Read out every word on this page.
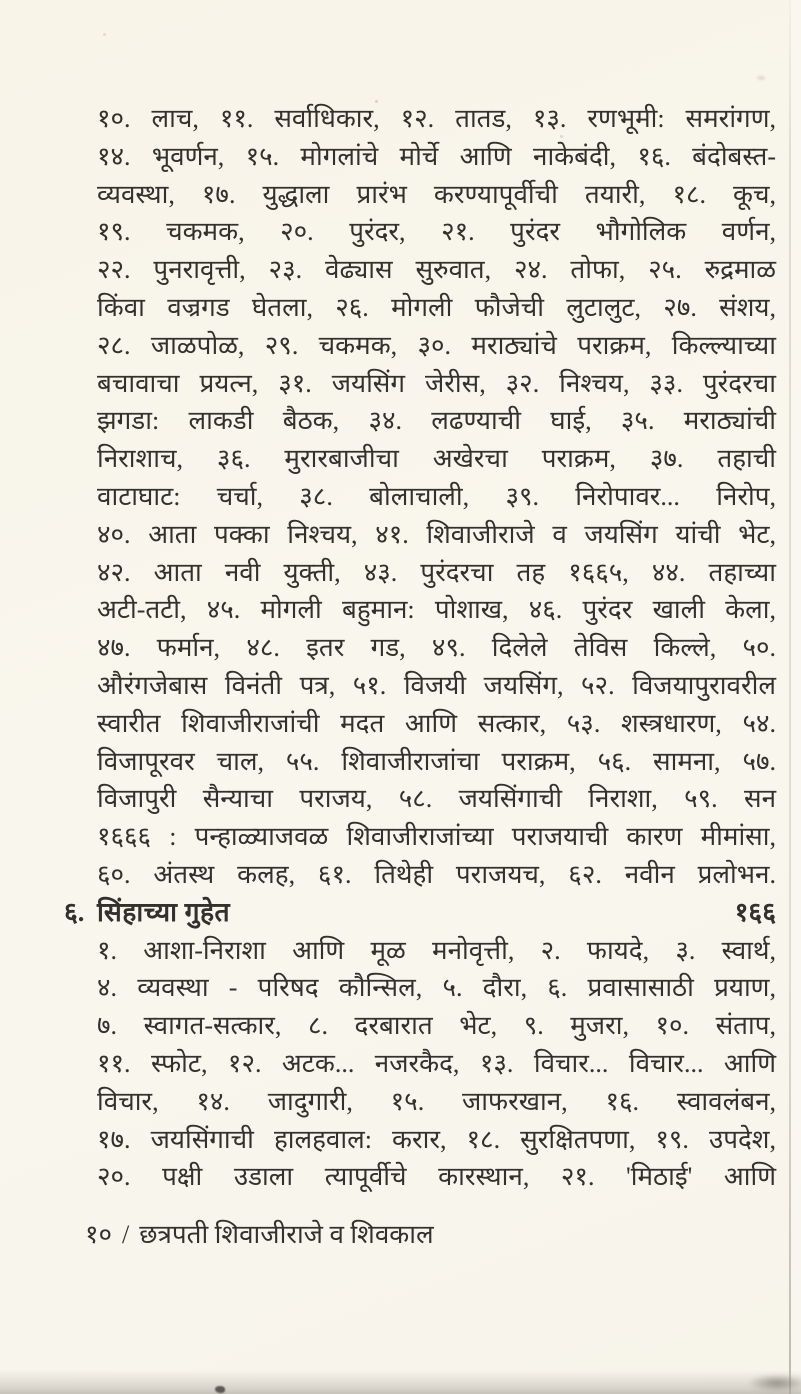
१०. लाच, ११. सर्वाधिकार, १२. तातड, १३. रणभूमी: समरांगण,
१४. भूवर्णन, १५. मोगलांचे मोर्चे आणि नाकेबंदी, १६. बंदोबस्त-
व्यवस्था, १७. युद्धाला प्रारंभ करण्यापूर्वीची तयारी, १८. कूच,
१९. चकमक, २०. पुरंदर, २१. पुरंदर भौगोलिक वर्णन,
२२. पुनरावृत्ती, २३. वेढ्यास सुरुवात, २४. तोफा, २५. रुद्रमाळ
किंवा वज्रगड घेतला, २६. मोगली फौजेची लुटालुट, २७. संशय,
२८. जाळपोळ, २९. चकमक, ३०. मराठ्यांचे पराक्रम, किल्ल्याच्या
बचावाचा प्रयत्न, ३१. जयसिंग जेरीस, ३२. निश्चय, ३३. पुरंदरचा
झगडा: लाकडी बैठक, ३४. लढण्याची घाई, ३५. मराठ्यांची
निराशाच, ३६. मुरारबाजीचा अखेरचा पराक्रम, ३७. तहाची
वाटाघाट: चर्चा, ३८. बोलाचाली, ३९. निरोपावर... निरोप,
४०. आता पक्का निश्चय, ४१. शिवाजीराजे व जयसिंग यांची भेट,
४२. आता नवी युक्ती, ४३. पुरंदरचा तह १६६५, ४४. तहाच्या
अटी-तटी, ४५. मोगली बहुमान: पोशाख, ४६. पुरंदर खाली केला,
४७. फर्मान, ४८. इतर गड, ४९. दिलेले तेविस किल्ले, ५०.
औरंगजेबास विनंती पत्र, ५१. विजयी जयसिंग, ५२. विजयापुरावरील
स्वारीत शिवाजीराजांची मदत आणि सत्कार, ५३. शस्त्रधारण, ५४.
विजापूरवर चाल, ५५. शिवाजीराजांचा पराक्रम, ५६. सामना, ५७.
विजापुरी सैन्याचा पराजय, ५८. जयसिंगाची निराशा, ५९. सन
१६६६ : पन्हाळ्याजवळ शिवाजीराजांच्या पराजयाची कारण मीमांसा,
६०. अंतस्थ कलह, ६१. तिथेही पराजयच, ६२. नवीन प्रलोभन.
६. सिंहाच्या गुहेत	१६६
१. आशा-निराशा आणि मूळ मनोवृत्ती, २. फायदे, ३. स्वार्थ,
४. व्यवस्था - परिषद कौन्सिल, ५. दौरा, ६. प्रवासासाठी प्रयाण,
७. स्वागत-सत्कार, ८. दरबारात भेट, ९. मुजरा, १०. संताप,
११. स्फोट, १२. अटक... नजरकैद, १३. विचार... विचार... आणि
विचार, १४. जादुगारी, १५. जाफरखान, १६. स्वावलंबन,
१७. जयसिंगाची हालहवाल: करार, १८. सुरक्षितपणा, १९. उपदेश,
२०. पक्षी उडाला त्यापूर्वीचे कारस्थान, २१. 'मिठाई' आणि
१० / छत्रपती शिवाजीराजे व शिवकाल
